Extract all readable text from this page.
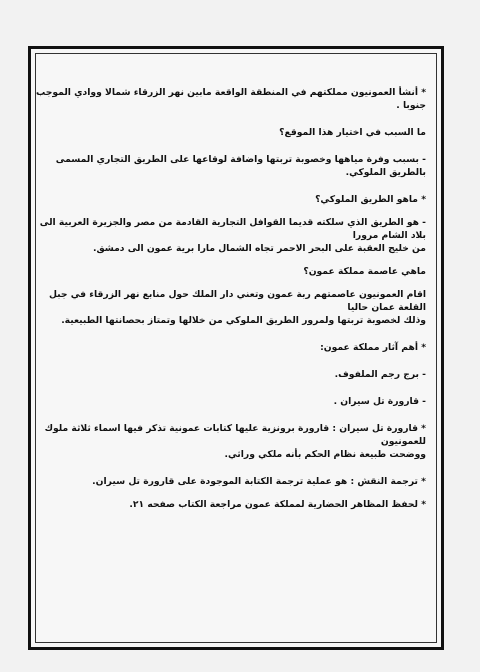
* أنشأ العمونيون مملكتهم في المنطقة الواقعة مابين نهر الزرقاء شمالا ووادي الموجب جنوبا .

ما السبب في اختيار هذا الموقع؟

- بسبب وفرة مياهها وخصوبة تربتها واضافة لوقاعها على الطريق التجاري المسمى بالطريق الملوكي.

* ماهو الطريق الملوكي؟

- هو الطريق الذي سلكته قديما القوافل التجارية القادمة من مصر والجزيرة العربية الى بلاد الشام مرورا

من خليج العقبة على البحر الاحمر تجاه الشمال مارا برية عمون الى دمشق.

ماهي عاصمة مملكة عمون؟

اقام العمونيون عاصمتهم ربة عمون وتعني دار الملك حول منابع نهر الزرقاء في جبل القلعة عمان حاليا

وذلك لخصوبة تربتها ولمرور الطريق الملوكي من خلالها وتمتاز بحصانتها الطبيعية.

* أهم آثار مملكة عمون:

- برج رجم الملفوف.

- قارورة تل سيران .

* قارورة تل سيران : قارورة برونزية عليها كتابات عمونية تذكر فيها اسماء ثلاثة ملوك للعمونيون

ووضحت طبيعة نظام الحكم بأنه ملكي وراثي.

* ترجمة النقش : هو عملية ترجمة الكتابة الموجودة على قارورة تل سيران.

* لحفظ المظاهر الحضارية لمملكة عمون مراجعة الكتاب صفحه ٢١.
